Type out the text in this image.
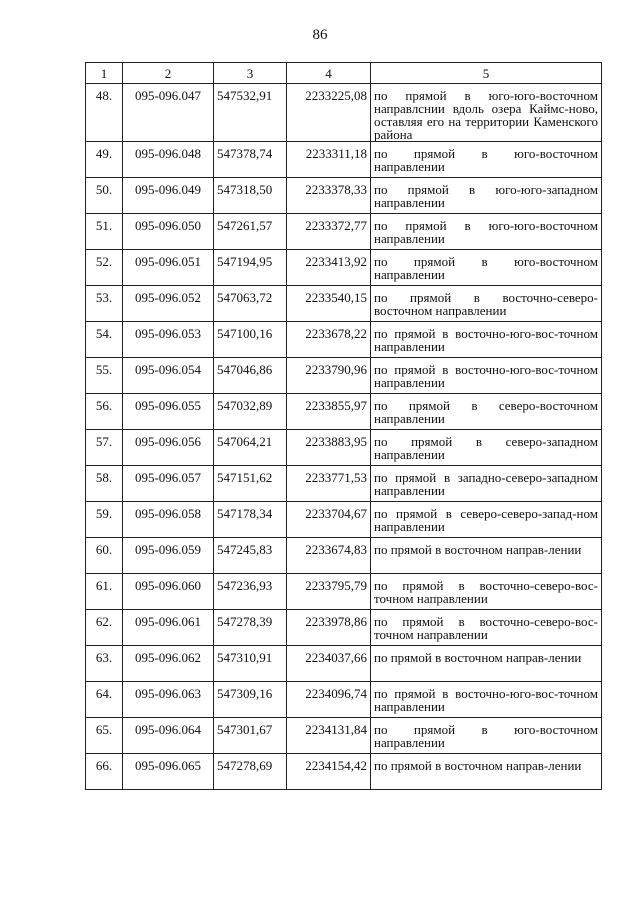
86
1	2	3	4	5
48.	095-096.047	547532,91	2233225,08	по прямой в юго-юго-восточном направлснии вдоль озера Каймс-ново, оставляя его на территории Каменского района
49.	095-096.048	547378,74	2233311,18	по прямой в юго-восточном направлении
50.	095-096.049	547318,50	2233378,33	по прямой в юго-юго-западном направлении
51.	095-096.050	547261,57	2233372,77	по прямой в юго-юго-восточном направлении
52.	095-096.051	547194,95	2233413,92	по прямой в юго-восточном направлении
53.	095-096.052	547063,72	2233540,15	по прямой в восточно-северо-восточном направлении
54.	095-096.053	547100,16	2233678,22	по прямой в восточно-юго-вос-точном направлении
55.	095-096.054	547046,86	2233790,96	по прямой в восточно-юго-вос-точном направлении
56.	095-096.055	547032,89	2233855,97	по прямой в северо-восточном направлении
57.	095-096.056	547064,21	2233883,95	по прямой в северо-западном направлении
58.	095-096.057	547151,62	2233771,53	по прямой в западно-северо-западном направлении
59.	095-096.058	547178,34	2233704,67	по прямой в северо-северо-запад-ном направлении
60.	095-096.059	547245,83	2233674,83	по прямой в восточном направ-лении
61.	095-096.060	547236,93	2233795,79	по прямой в восточно-северо-вос-точном направлении
62.	095-096.061	547278,39	2233978,86	по прямой в восточно-северо-вос-точном направлении
63.	095-096.062	547310,91	2234037,66	по прямой в восточном направ-лении
64.	095-096.063	547309,16	2234096,74	по прямой в восточно-юго-вос-точном направлении
65.	095-096.064	547301,67	2234131,84	по прямой в юго-восточном направлении
66.	095-096.065	547278,69	2234154,42	по прямой в восточном направ-лении
